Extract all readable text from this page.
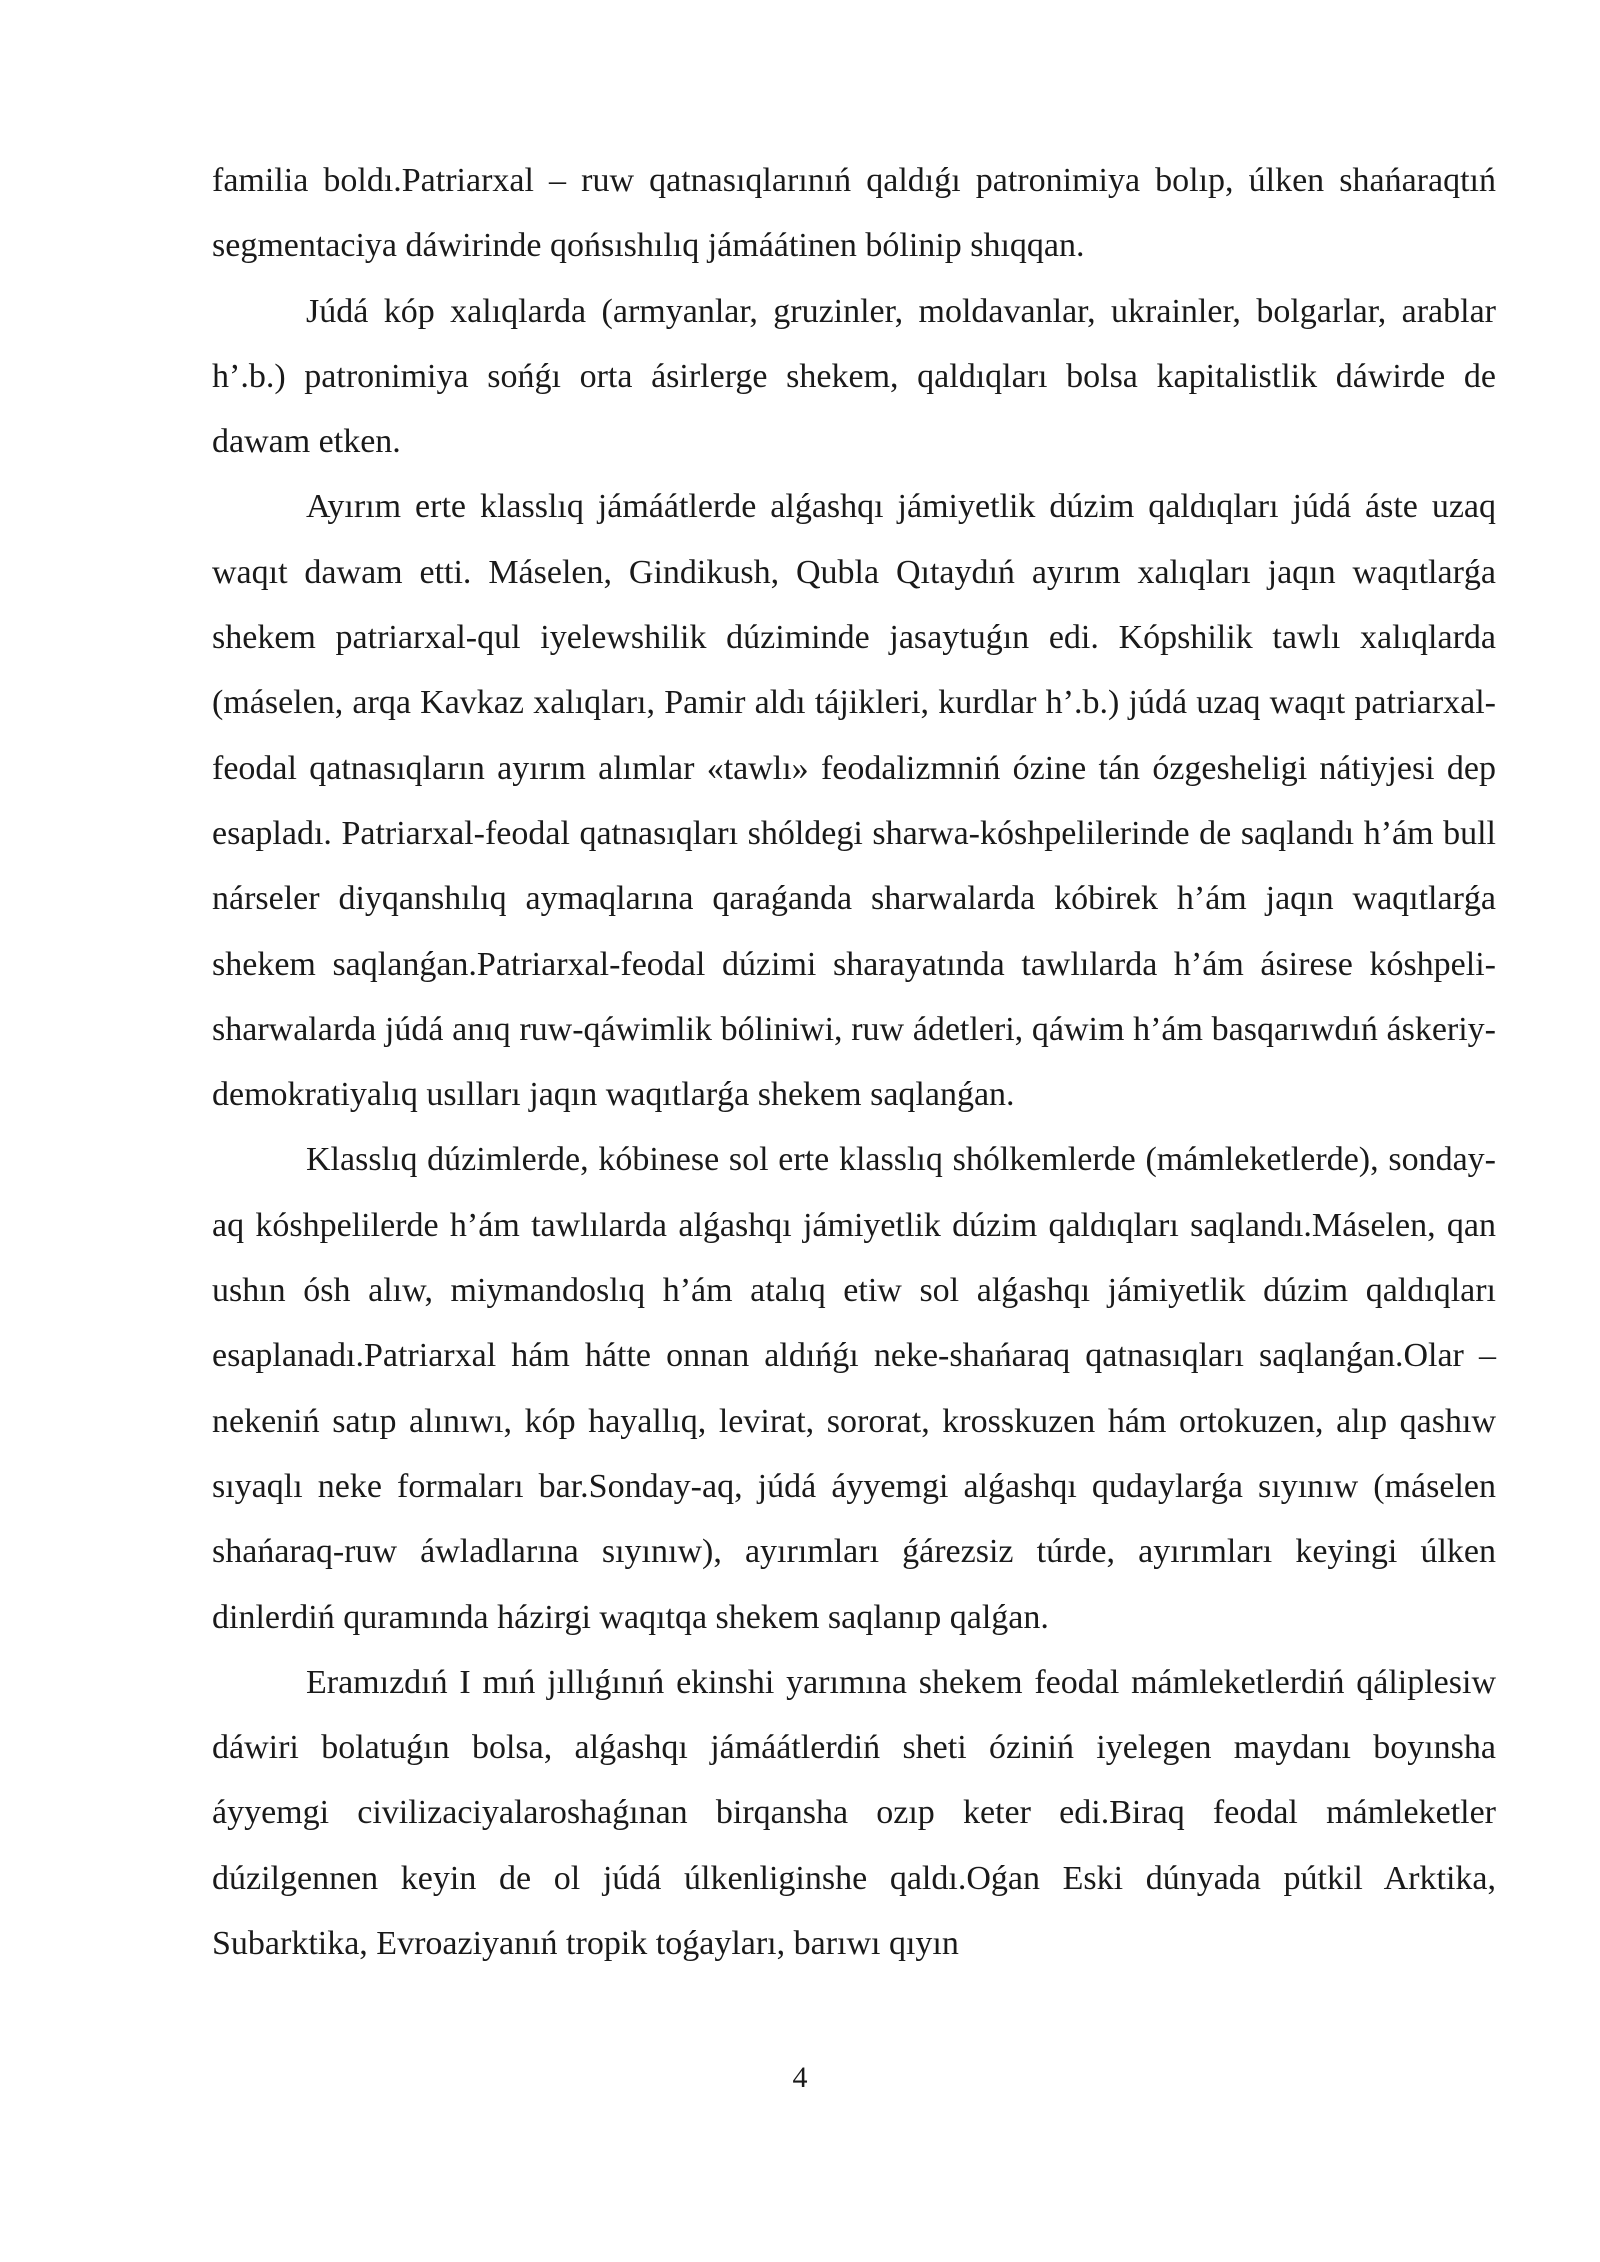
familia boldı.Patriarxal – ruw qatnasıqlarınıń qaldıǵı patronimiya bolıp, úlken shańaraqtıń segmentaciya dáwirinde qońsıshılıq jámáátinen bólinip shıqqan.

Júdá kóp xalıqlarda (armyanlar, gruzinler, moldavanlar, ukrainler, bolgarlar, arablar h’.b.) patronimiya sońǵı orta ásirlerge shekem, qaldıqları bolsa kapitalistlik dáwirde de dawam etken.

Ayırım erte klasslıq jámáátlerde alǵashqı jámiyetlik dúzim qaldıqları júdá áste uzaq waqıt dawam etti. Máselen, Gindikush, Qubla Qıtaydıń ayırım xalıqları jaqın waqıtlarǵa shekem patriarxal-qul iyelewshilik dúziminde jasaytuǵın edi. Kópshilik tawlı xalıqlarda (máselen, arqa Kavkaz xalıqları, Pamir aldı tájikleri, kurdlar h’.b.) júdá uzaq waqıt patriarxal-feodal qatnasıqların ayırım alımlar «tawlı» feodalizmniń ózine tán ózgesheligi nátiyjesi dep esapladı. Patriarxal-feodal qatnasıqları shóldegi sharwa-kóshpelilerinde de saqlandı h’ám bull nárseler diyqanshılıq aymaqlarına qaraǵanda sharwalarda kóbirek h’ám jaqın waqıtlarǵa shekem saqlanǵan.Patriarxal-feodal dúzimi sharayatında tawlılarda h’ám ásirese kóshpeli-sharwalarda júdá anıq ruw-qáwimlik bóliniwi, ruw ádetleri, qáwim h’ám basqarıwdıń áskeriy-demokratiyalıq usılları jaqın waqıtlarǵa shekem saqlanǵan.

Klasslıq dúzimlerde, kóbinese sol erte klasslıq shólkemlerde (mámleketlerde), sonday-aq kóshpelilerde h’ám tawlılarda alǵashqı jámiyetlik dúzim qaldıqları saqlandı.Máselen, qan ushın ósh alıw, miymandoslıq h’ám atalıq etiw sol alǵashqı jámiyetlik dúzim qaldıqları esaplanadı.Patriarxal hám hátte onnan aldıńǵı neke-shańaraq qatnasıqları saqlanǵan.Olar – nekeniń satıp alınıwı, kóp hayallıq, levirat, sororat, krosskuzen hám ortokuzen, alıp qashıw sıyaqlı neke formaları bar.Sonday-aq, júdá áyyemgi alǵashqı qudaylarǵa sıyınıw (máselen shańaraq-ruw áwladlarına sıyınıw), ayırımları ǵárezsiz túrde, ayırımları keyingi úlken dinlerdiń quramında házirgi waqıtqa shekem saqlanıp qalǵan.

Eramızdıń I mıń jıllıǵınıń ekinshi yarımına shekem feodal mámleketlerdiń qáliplesiw dáwiri bolatuǵın bolsa, alǵashqı jámáátlerdiń sheti óziniń iyelegen maydanı boyınsha áyyemgi civilizaciyalaroshaǵınan birqansha ozıp keter edi.Biraq feodal mámleketler dúzilgennen keyin de ol júdá úlkenliginshe qaldı.Oǵan Eski dúnyada pútkil Arktika, Subarktika, Evroaziyanıń tropik toǵayları, barıwı qıyın

4
